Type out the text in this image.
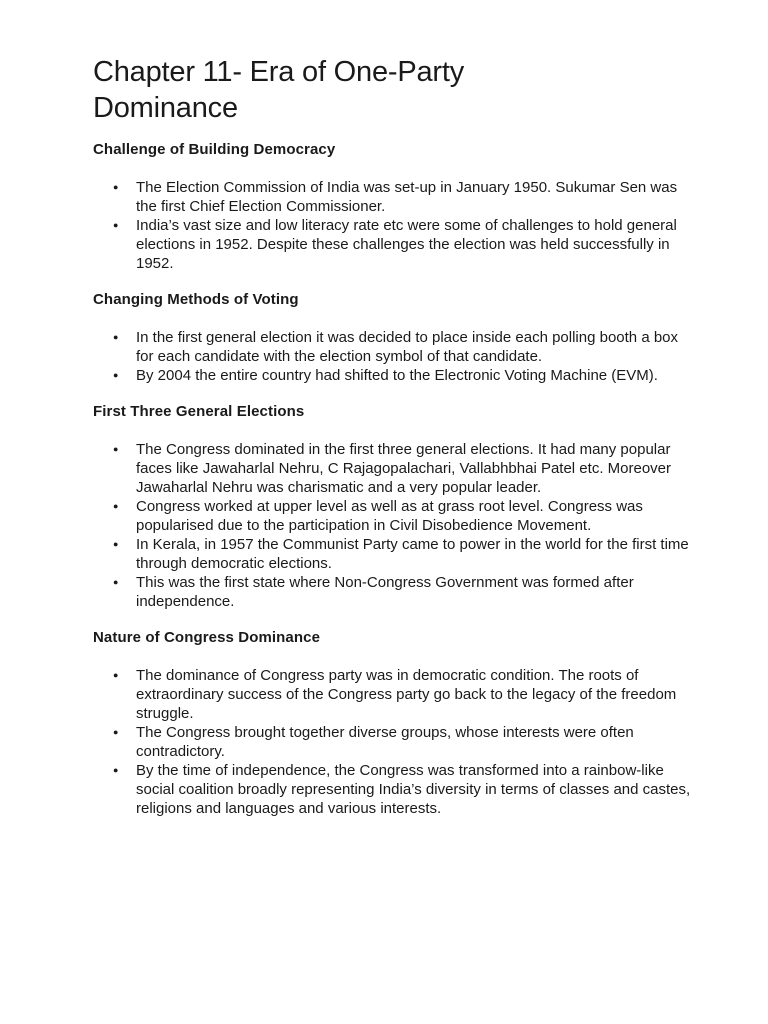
Chapter 11- Era of One-Party
Dominance
Challenge of Building Democracy
● The Election Commission of India was set-up in January 1950. Sukumar Sen was the first Chief Election Commissioner.
● India’s vast size and low literacy rate etc were some of challenges to hold general elections in 1952. Despite these challenges the election was held successfully in 1952.
Changing Methods of Voting
● In the first general election it was decided to place inside each polling booth a box for each candidate with the election symbol of that candidate.
● By 2004 the entire country had shifted to the Electronic Voting Machine (EVM).
First Three General Elections
● The Congress dominated in the first three general elections. It had many popular faces like Jawaharlal Nehru, C Rajagopalachari, Vallabhbhai Patel etc. Moreover Jawaharlal Nehru was charismatic and a very popular leader.
● Congress worked at upper level as well as at grass root level. Congress was popularised due to the participation in Civil Disobedience Movement.
● In Kerala, in 1957 the Communist Party came to power in the world for the first time through democratic elections.
● This was the first state where Non-Congress Government was formed after independence.
Nature of Congress Dominance
● The dominance of Congress party was in democratic condition. The roots of extraordinary success of the Congress party go back to the legacy of the freedom struggle.
● The Congress brought together diverse groups, whose interests were often contradictory.
● By the time of independence, the Congress was transformed into a rainbow-like social coalition broadly representing India’s diversity in terms of classes and castes, religions and languages and various interests.
